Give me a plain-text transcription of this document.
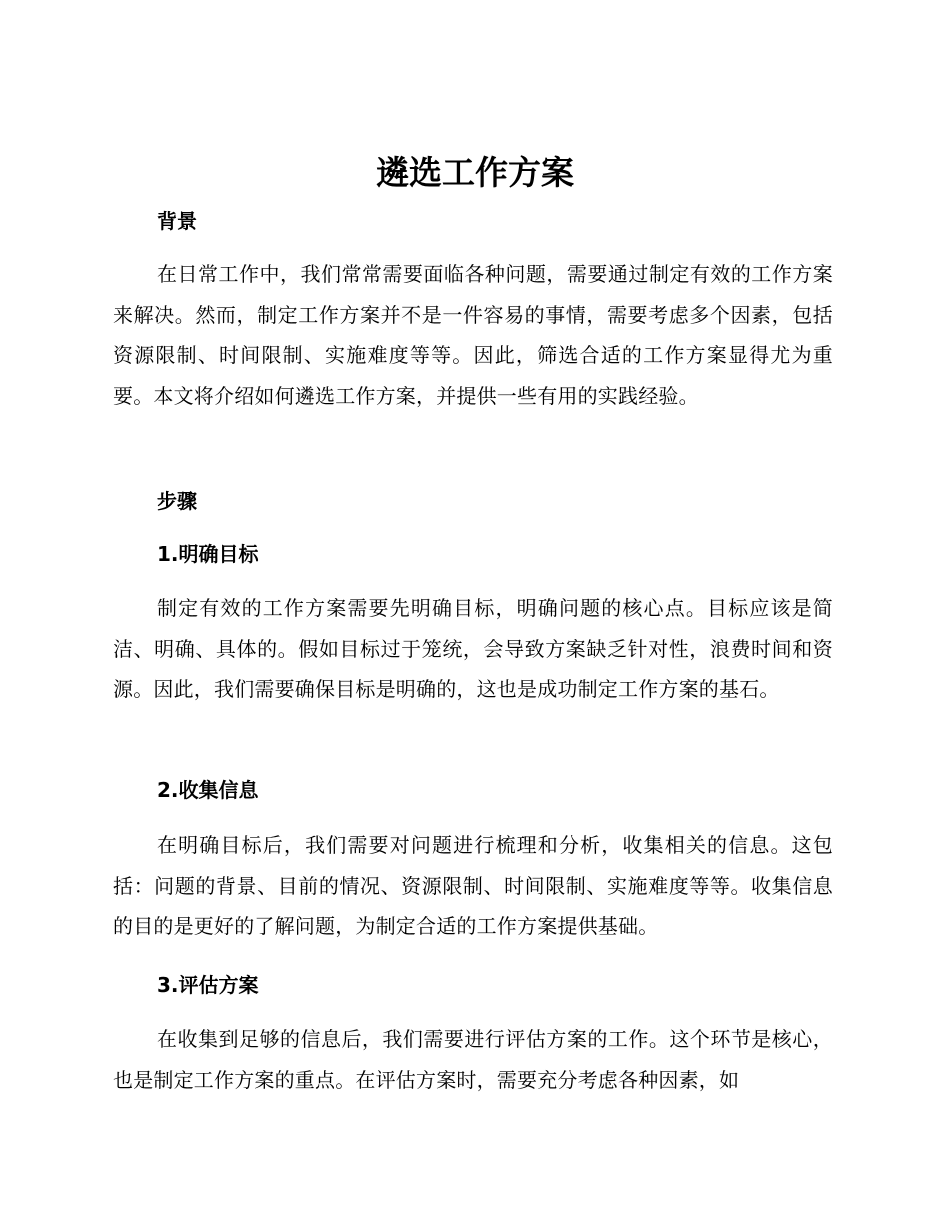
遴选工作方案
背景
在日常工作中，我们常常需要面临各种问题，需要通过制定有效的工作方案来解决。然而，制定工作方案并不是一件容易的事情，需要考虑多个因素，包括资源限制、时间限制、实施难度等等。因此，筛选合适的工作方案显得尤为重要。本文将介绍如何遴选工作方案，并提供一些有用的实践经验。
步骤
1.明确目标
制定有效的工作方案需要先明确目标，明确问题的核心点。目标应该是简洁、明确、具体的。假如目标过于笼统，会导致方案缺乏针对性，浪费时间和资源。因此，我们需要确保目标是明确的，这也是成功制定工作方案的基石。
2.收集信息
在明确目标后，我们需要对问题进行梳理和分析，收集相关的信息。这包括：问题的背景、目前的情况、资源限制、时间限制、实施难度等等。收集信息的目的是更好的了解问题，为制定合适的工作方案提供基础。
3.评估方案
在收集到足够的信息后，我们需要进行评估方案的工作。这个环节是核心，也是制定工作方案的重点。在评估方案时，需要充分考虑各种因素，如
